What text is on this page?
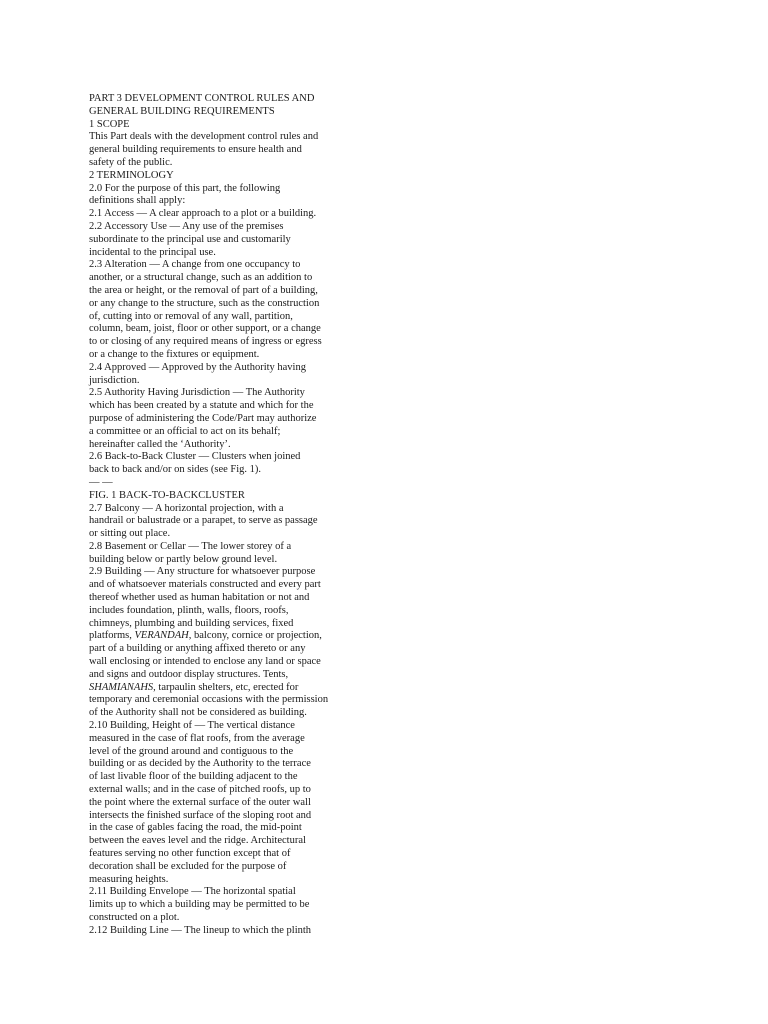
PART 3 DEVELOPMENT CONTROL RULES AND
GENERAL BUILDING REQUIREMENTS
1 SCOPE
This Part deals with the development control rules and
general building requirements to ensure health and
safety of the public.
2 TERMINOLOGY
2.0 For the purpose of this part, the following
definitions shall apply:
2.1 Access — A clear approach to a plot or a building.
2.2 Accessory Use — Any use of the premises
subordinate to the principal use and customarily
incidental to the principal use.
2.3 Alteration — A change from one occupancy to
another, or a structural change, such as an addition to
the area or height, or the removal of part of a building,
or any change to the structure, such as the construction
of, cutting into or removal of any wall, partition,
column, beam, joist, floor or other support, or a change
to or closing of any required means of ingress or egress
or a change to the fixtures or equipment.
2.4 Approved — Approved by the Authority having
jurisdiction.
2.5 Authority Having Jurisdiction — The Authority
which has been created by a statute and which for the
purpose of administering the Code/Part may authorize
a committee or an official to act on its behalf;
hereinafter called the ‘Authority’.
2.6 Back-to-Back Cluster — Clusters when joined
back to back and/or on sides (see Fig. 1).
— —
FIG. 1 BACK-TO-BACKCLUSTER
2.7 Balcony — A horizontal projection, with a
handrail or balustrade or a parapet, to serve as passage
or sitting out place.
2.8 Basement or Cellar — The lower storey of a
building below or partly below ground level.
2.9 Building — Any structure for whatsoever purpose
and of whatsoever materials constructed and every part
thereof whether used as human habitation or not and
includes foundation, plinth, walls, floors, roofs,
chimneys, plumbing and building services, fixed
platforms, VERANDAH, balcony, cornice or projection,
part of a building or anything affixed thereto or any
wall enclosing or intended to enclose any land or space
and signs and outdoor display structures. Tents,
SHAMIANAHS, tarpaulin shelters, etc, erected for
temporary and ceremonial occasions with the permission
of the Authority shall not be considered as building.
2.10 Building, Height of — The vertical distance
measured in the case of flat roofs, from the average
level of the ground around and contiguous to the
building or as decided by the Authority to the terrace
of last livable floor of the building adjacent to the
external walls; and in the case of pitched roofs, up to
the point where the external surface of the outer wall
intersects the finished surface of the sloping root and
in the case of gables facing the road, the mid-point
between the eaves level and the ridge. Architectural
features serving no other function except that of
decoration shall be excluded for the purpose of
measuring heights.
2.11 Building Envelope — The horizontal spatial
limits up to which a building may be permitted to be
constructed on a plot.
2.12 Building Line — The lineup to which the plinth
